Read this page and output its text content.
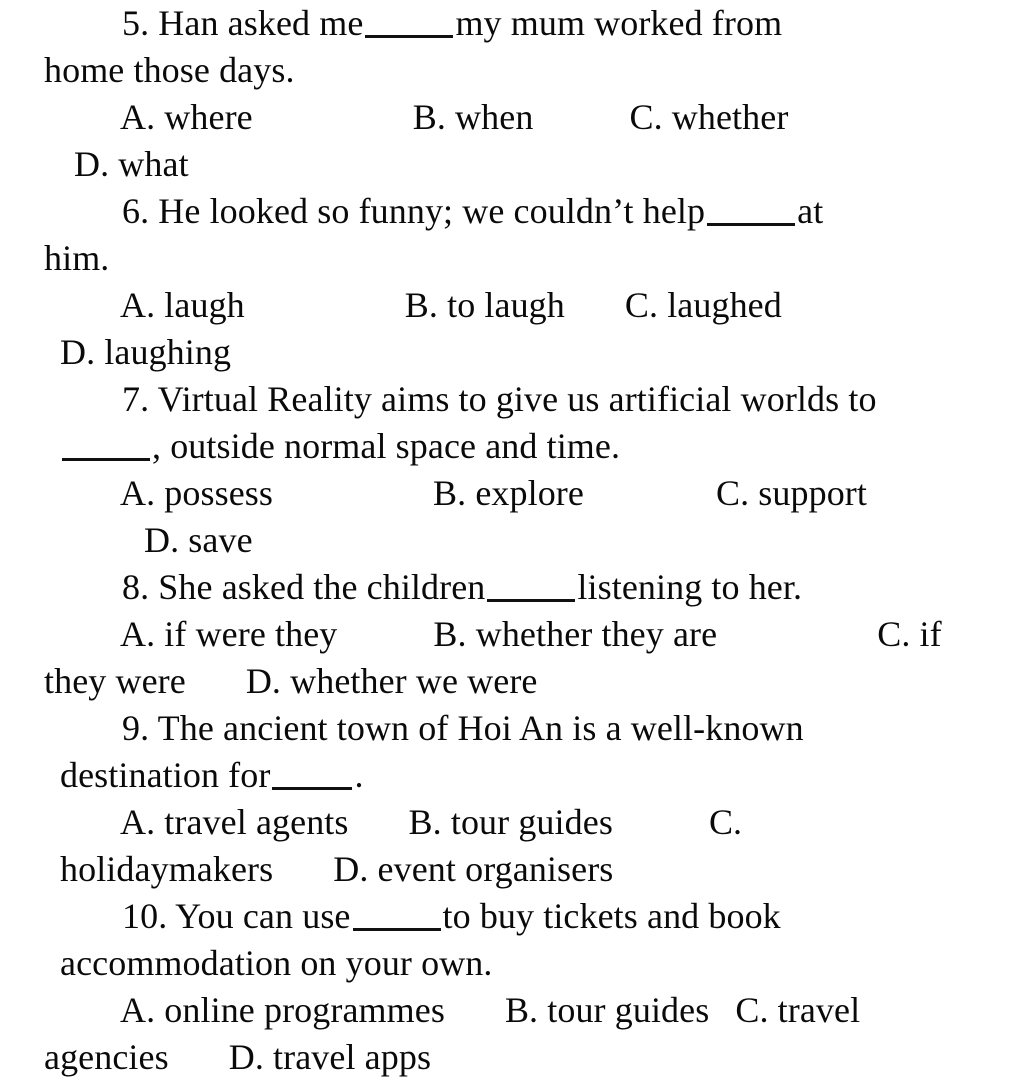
5. Han asked me	my mum worked from
home those days.
A. where	B. when	C. whether
D. what
6. He looked so funny; we couldn’t help	at
him.
A. laugh	B. to laugh C. laughed
D. laughing
7. Virtual Reality aims to give us artificial worlds to
, outside normal space and time.
A. possess	B. explore	C. support
D. save
8. She asked the children	listening to her.
A. if were they	B. whether they are	C. if
they were D. whether we were
9. The ancient town of Hoi An is a well-known
destination for .
A. travel agents B. tour guides	C.
holidaymakers D. event organisers
10. You can use	to buy tickets and book
accommodation on your own.
A. online programmes B. tour guides C. travel
agencies D. travel apps
